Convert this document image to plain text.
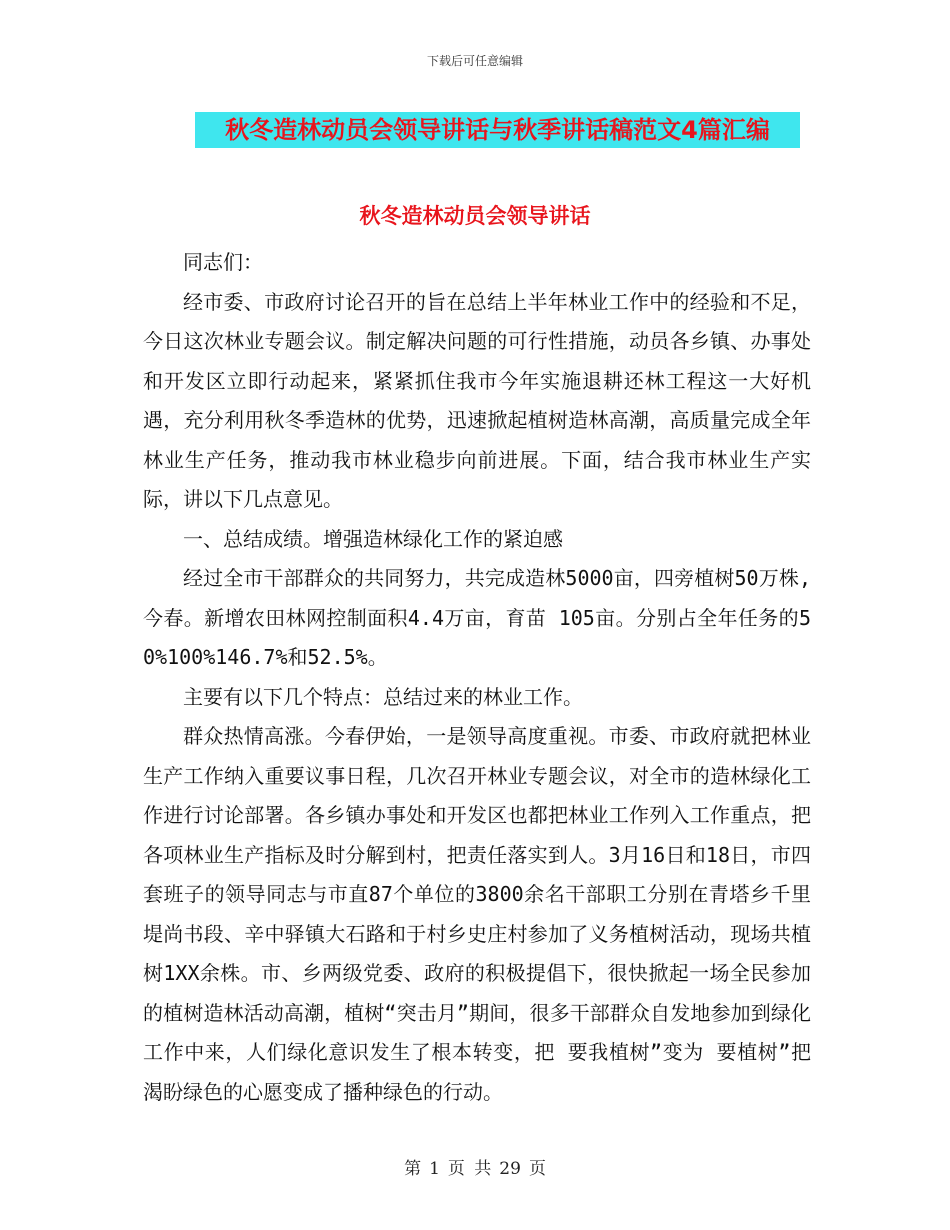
下载后可任意编辑
秋冬造林动员会领导讲话与秋季讲话稿范文4篇汇编
秋冬造林动员会领导讲话

同志们：

经市委、市政府讨论召开的旨在总结上半年林业工作中的经验和不足，今日这次林业专题会议。制定解决问题的可行性措施，动员各乡镇、办事处和开发区立即行动起来，紧紧抓住我市今年实施退耕还林工程这一大好机遇，充分利用秋冬季造林的优势，迅速掀起植树造林高潮，高质量完成全年林业生产任务，推动我市林业稳步向前进展。下面，结合我市林业生产实际，讲以下几点意见。

一、总结成绩。增强造林绿化工作的紧迫感

经过全市干部群众的共同努力，共完成造林5000亩，四旁植树50万株,今春。新增农田林网控制面积4.4万亩，育苗 105亩。分别占全年任务的50%100%146.7%和52.5%。

主要有以下几个特点：总结过来的林业工作。

群众热情高涨。今春伊始，一是领导高度重视。市委、市政府就把林业生产工作纳入重要议事日程，几次召开林业专题会议，对全市的造林绿化工作进行讨论部署。各乡镇办事处和开发区也都把林业工作列入工作重点，把各项林业生产指标及时分解到村，把责任落实到人。3月16日和18日，市四套班子的领导同志与市直87个单位的3800余名干部职工分别在青塔乡千里堤尚书段、辛中驿镇大石路和于村乡史庄村参加了义务植树活动，现场共植树1XX余株。市、乡两级党委、政府的积极提倡下，很快掀起一场全民参加的植树造林活动高潮，植树“突击月”期间，很多干部群众自发地参加到绿化工作中来，人们绿化意识发生了根本转变，把 要我植树”变为 要植树”把渴盼绿色的心愿变成了播种绿色的行动。

第 1 页 共 29 页
